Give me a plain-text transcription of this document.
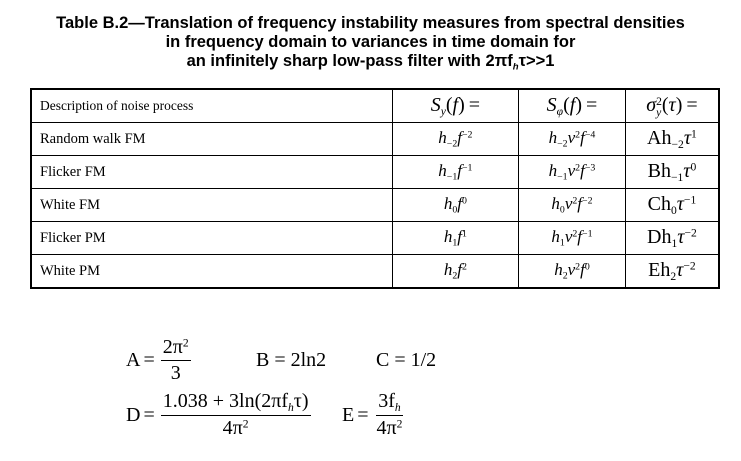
Table B.2—Translation of frequency instability measures from spectral densities
in frequency domain to variances in time domain for
an infinitely sharp low-pass filter with $2\pi f_h\tau>>1$
Description of noise process	$S_y(f)$ =	$S_\varphi(f)$ =	σ 2
y (τ) =
Random walk FM	$h_{-2}f^{-2}$	$h_{-2}\nu^2f^{-4}$	$Ah_{-2}\tau^1$
Flicker FM	$h_{-1}f^{-1}$	$h_{-1}\nu^2f^{-3}$	$Bh_{-1}\tau^0$
White FM	$h_0f^0$	$h_0\nu^2f^{-2}$	$Ch_0\tau^{-1}$
Flicker PM	$h_1f^1$	$h_1\nu^2f^{-1}$	$Dh_1\tau^{-2}$
White PM	$h_2f^2$	$h_2\nu^2f^0$	$Eh_2\tau^{-2}$
$A = \frac{2\pi^2}{3}$	B = 2ln2 C = 1/2
$D = \frac{1.038 + 3\ln(2\pi f_h\tau)}{4\pi^2}$ $E = \frac{3f_h}{4\pi^2}$
